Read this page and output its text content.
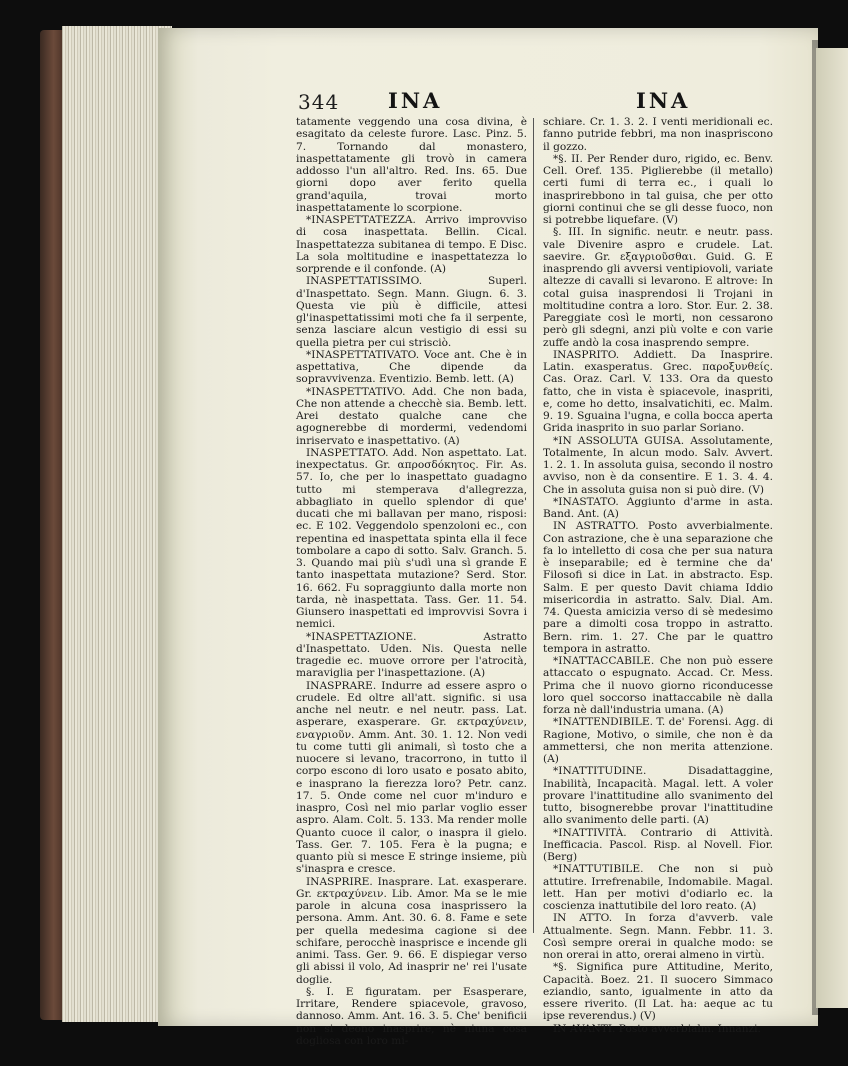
344 INA	INA

tatamente veggendo una cosa divina, è esagitato da celeste furore. Lasc. Pinz. 5. 7. Tornando dal monastero, inaspettatamente gli trovò in camera addosso l'un all'altro. Red. Ins. 65. Due giorni dopo aver ferito quella grand'aquila, trovai morto inaspettatamente lo scorpione.

*INASPETTATEZZA. Arrivo improvviso di cosa inaspettata. Bellin. Cical. Inaspettatezza subitanea di tempo. E Disc. La sola moltitudine e inaspettatezza lo sorprende e il confonde. (A)

INASPETTATISSIMO. Superl. d'Inaspettato. Segn. Mann. Giugn. 6. 3. Questa vie più è difficile, attesi gl'inaspettatissimi moti che fa il serpente, senza lasciare alcun vestigio di essi su quella pietra per cui strisciò.

*INASPETTATIVATO. Voce ant. Che è in aspettativa, Che dipende da sopravvivenza. Eventizio. Bemb. lett. (A)

*INASPETTATIVO. Add. Che non bada, Che non attende a checchè sia. Bemb. lett. Arei destato qualche cane che agognerebbe di mordermi, vedendomi inriservato e inaspettativo. (A)

INASPETTATO. Add. Non aspettato. Lat. inexpectatus. Gr. απροσδόκητος. Fir. As. 57. Io, che per lo inaspettato guadagno tutto mi stemperava d'allegrezza, abbagliato in quello splendor di que' ducati che mi ballavan per mano, risposi: ec. E 102. Veggendolo spenzoloni ec., con repentina ed inaspettata spinta ella il fece tombolare a capo di sotto. Salv. Granch. 5. 3. Quando mai più s'udì una sì grande E tanto inaspettata mutazione? Serd. Stor. 16. 662. Fu sopraggiunto dalla morte non tarda, nè inaspettata. Tass. Ger. 11. 54. Giunsero inaspettati ed improvvisi Sovra i nemici.

*INASPETTAZIONE. Astratto d'Inaspettato. Uden. Nis. Questa nelle tragedie ec. muove orrore per l'atrocità, maraviglia per l'inaspettazione. (A)

INASPRARE. Indurre ad essere aspro o crudele. Ed oltre all'att. signific. si usa anche nel neutr. e nel neutr. pass. Lat. asperare, exasperare. Gr. εκτραχύνειν, εναγριοῦν. Amm. Ant. 30. 1. 12. Non vedi tu come tutti gli animali, sì tosto che a nuocere si levano, tracorrono, in tutto il corpo escono di loro usato e posato abito, e inasprano la fierezza loro? Petr. canz. 17. 5. Onde come nel cuor m'induro e inaspro, Così nel mio parlar voglio esser aspro. Alam. Colt. 5. 133. Ma render molle Quanto cuoce il calor, o inaspra il gielo. Tass. Ger. 7. 105. Fera è la pugna; e quanto più si mesce E stringe insieme, più s'inaspra e cresce.

INASPRIRE. Inasprare. Lat. exasperare. Gr. εκτραχύνειν. Lib. Amor. Ma se le mie parole in alcuna cosa inasprissero la persona. Amm. Ant. 30. 6. 8. Fame e sete per quella medesima cagione si dee schifare, perocchè inasprisce e incende gli animi. Tass. Ger. 9. 66. E dispiegar verso gli abissi il volo, Ad inasprir ne' rei l'usate doglie.

§. I. E figuratam. per Esasperare, Irritare, Rendere spiacevole, gravoso, dannoso. Amm. Ant. 16. 3. 5. Che' benificii non si deono inasprire, nè niuna cosa dogliosa con loro mi-

schiare. Cr. 1. 3. 2. I venti meridionali ec. fanno putride febbri, ma non inaspriscono il gozzo.

*§. II. Per Render duro, rigido, ec. Benv. Cell. Oref. 135. Piglierebbe (il metallo) certi fumi di terra ec., i quali lo inasprirebbono in tal guisa, che per otto giorni continui che se gli desse fuoco, non si potrebbe liquefare. (V)

§. III. In signific. neutr. e neutr. pass. vale Divenire aspro e crudele. Lat. saevire. Gr. εξαγριοῦσθαι. Guid. G. E inasprendo gli avversi ventipiovoli, variate altezze di cavalli si levarono. E altrove: In cotal guisa inasprendosi li Trojani in moltitudine contra a loro. Stor. Eur. 2. 38. Pareggiate così le morti, non cessarono però gli sdegni, anzi più volte e con varie zuffe andò la cosa inasprendo sempre.

INASPRITO. Addiett. Da Inasprire. Latin. exasperatus. Grec. παροξυνθείς. Cas. Oraz. Carl. V. 133. Ora da questo fatto, che in vista è spiacevole, inaspriti, e, come ho detto, insalvatichiti, ec. Malm. 9. 19. Sguaina l'ugna, e colla bocca aperta Grida inasprito in suo parlar Soriano.

*IN ASSOLUTA GUISA. Assolutamente, Totalmente, In alcun modo. Salv. Avvert. 1. 2. 1. In assoluta guisa, secondo il nostro avviso, non è da consentire. E 1. 3. 4. 4. Che in assoluta guisa non si può dire. (V)

*INASTATO. Aggiunto d'arme in asta. Band. Ant. (A)

IN ASTRATTO. Posto avverbialmente. Con astrazione, che è una separazione che fa lo intelletto di cosa che per sua natura è inseparabile; ed è termine che da' Filosofi si dice in Lat. in abstracto. Esp. Salm. E per questo Davit chiama Iddio misericordia in astratto. Salv. Dial. Am. 74. Questa amicizia verso di sè medesimo pare a dimolti cosa troppo in astratto. Bern. rim. 1. 27. Che par le quattro tempora in astratto.

*INATTACCABILE. Che non può essere attaccato o espugnato. Accad. Cr. Mess. Prima che il nuovo giorno riconducesse loro quel soccorso inattaccabile nè dalla forza nè dall'industria umana. (A)

*INATTENDIBILE. T. de' Forensi. Agg. di Ragione, Motivo, o simile, che non è da ammettersi, che non merita attenzione. (A)

*INATTITUDINE. Disadattaggine, Inabilità, Incapacità. Magal. lett. A voler provare l'inattitudine allo svanimento del tutto, bisognerebbe provar l'inattitudine allo svanimento delle parti. (A)

*INATTIVITÀ. Contrario di Attività. Inefficacia. Pascol. Risp. al Novell. Fior. (Berg)

*INATTUTIBILE. Che non si può attutire. Irrefrenabile, Indomabile. Magal. lett. Han per motivi d'odiarlo ec. la coscienza inattutibile del loro reato. (A)

IN ATTO. In forza d'avverb. vale Attualmente. Segn. Mann. Febbr. 11. 3. Così sempre orerai in qualche modo: se non orerai in atto, orerai almeno in virtù.

*§. Significa pure Attitudine, Merito, Capacità. Boez. 21. Il suocero Simmaco eziandio, santo, igualmente in atto da essere riverito. (Il Lat. ha: aeque ac tu ipse reverendus.) (V)

IN AVANTI. Posto avverbialm. Innanzi.
